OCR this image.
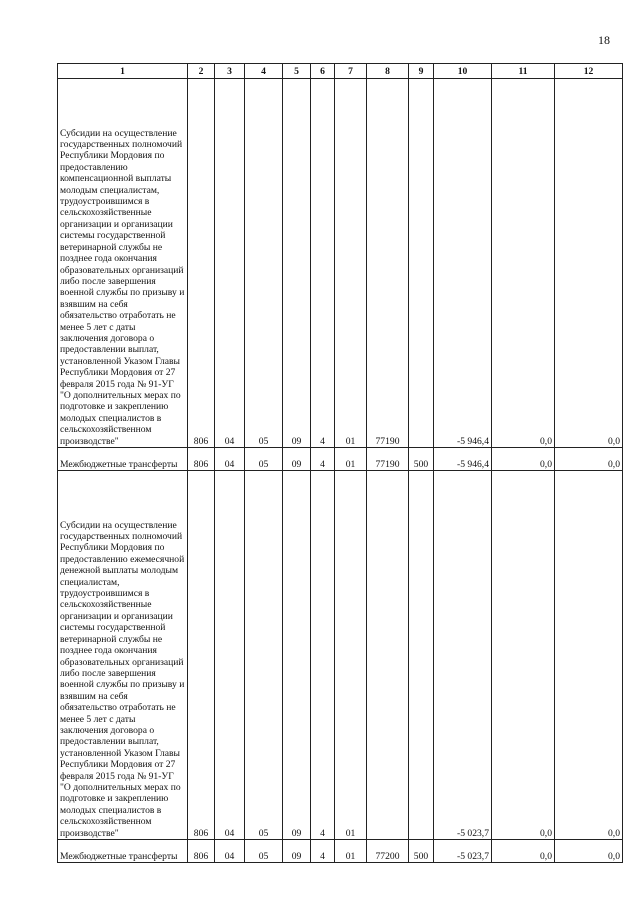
18
1	2	3	4	5	6	7	8	9	10	11	12

Субсидии на осуществление государственных полномочий Республики Мордовия по предоставлению компенсационной выплаты молодым специалистам, трудоустроившимся в сельскохозяйственные организации и организации системы государственной ветеринарной службы не позднее года окончания образовательных организаций либо после завершения военной службы по призыву и взявшим на себя обязательство отработать не менее 5 лет с даты заключения договора о предоставлении выплат, установленной Указом Главы Республики Мордовия от 27 февраля 2015 года № 91-УГ "О дополнительных мерах по подготовке и закреплению молодых специалистов в сельскохозяйственном производстве"	806	04	05	09	4	01	77190		-5 946,4	0,0	0,0

Межбюджетные трансферты	806	04	05	09	4	01	77190	500	-5 946,4	0,0	0,0

Субсидии на осуществление государственных полномочий Республики Мордовия по предоставлению ежемесячной денежной выплаты молодым специалистам, трудоустроившимся в сельскохозяйственные организации и организации системы государственной ветеринарной службы не позднее года окончания образовательных организаций либо после завершения военной службы по призыву и взявшим на себя обязательство отработать не менее 5 лет с даты заключения договора о предоставлении выплат, установленной Указом Главы Республики Мордовия от 27 февраля 2015 года № 91-УГ "О дополнительных мерах по подготовке и закреплению молодых специалистов в сельскохозяйственном производстве"	806	04	05	09	4	01			-5 023,7	0,0	0,0

Межбюджетные трансферты	806	04	05	09	4	01	77200	500	-5 023,7	0,0	0,0
